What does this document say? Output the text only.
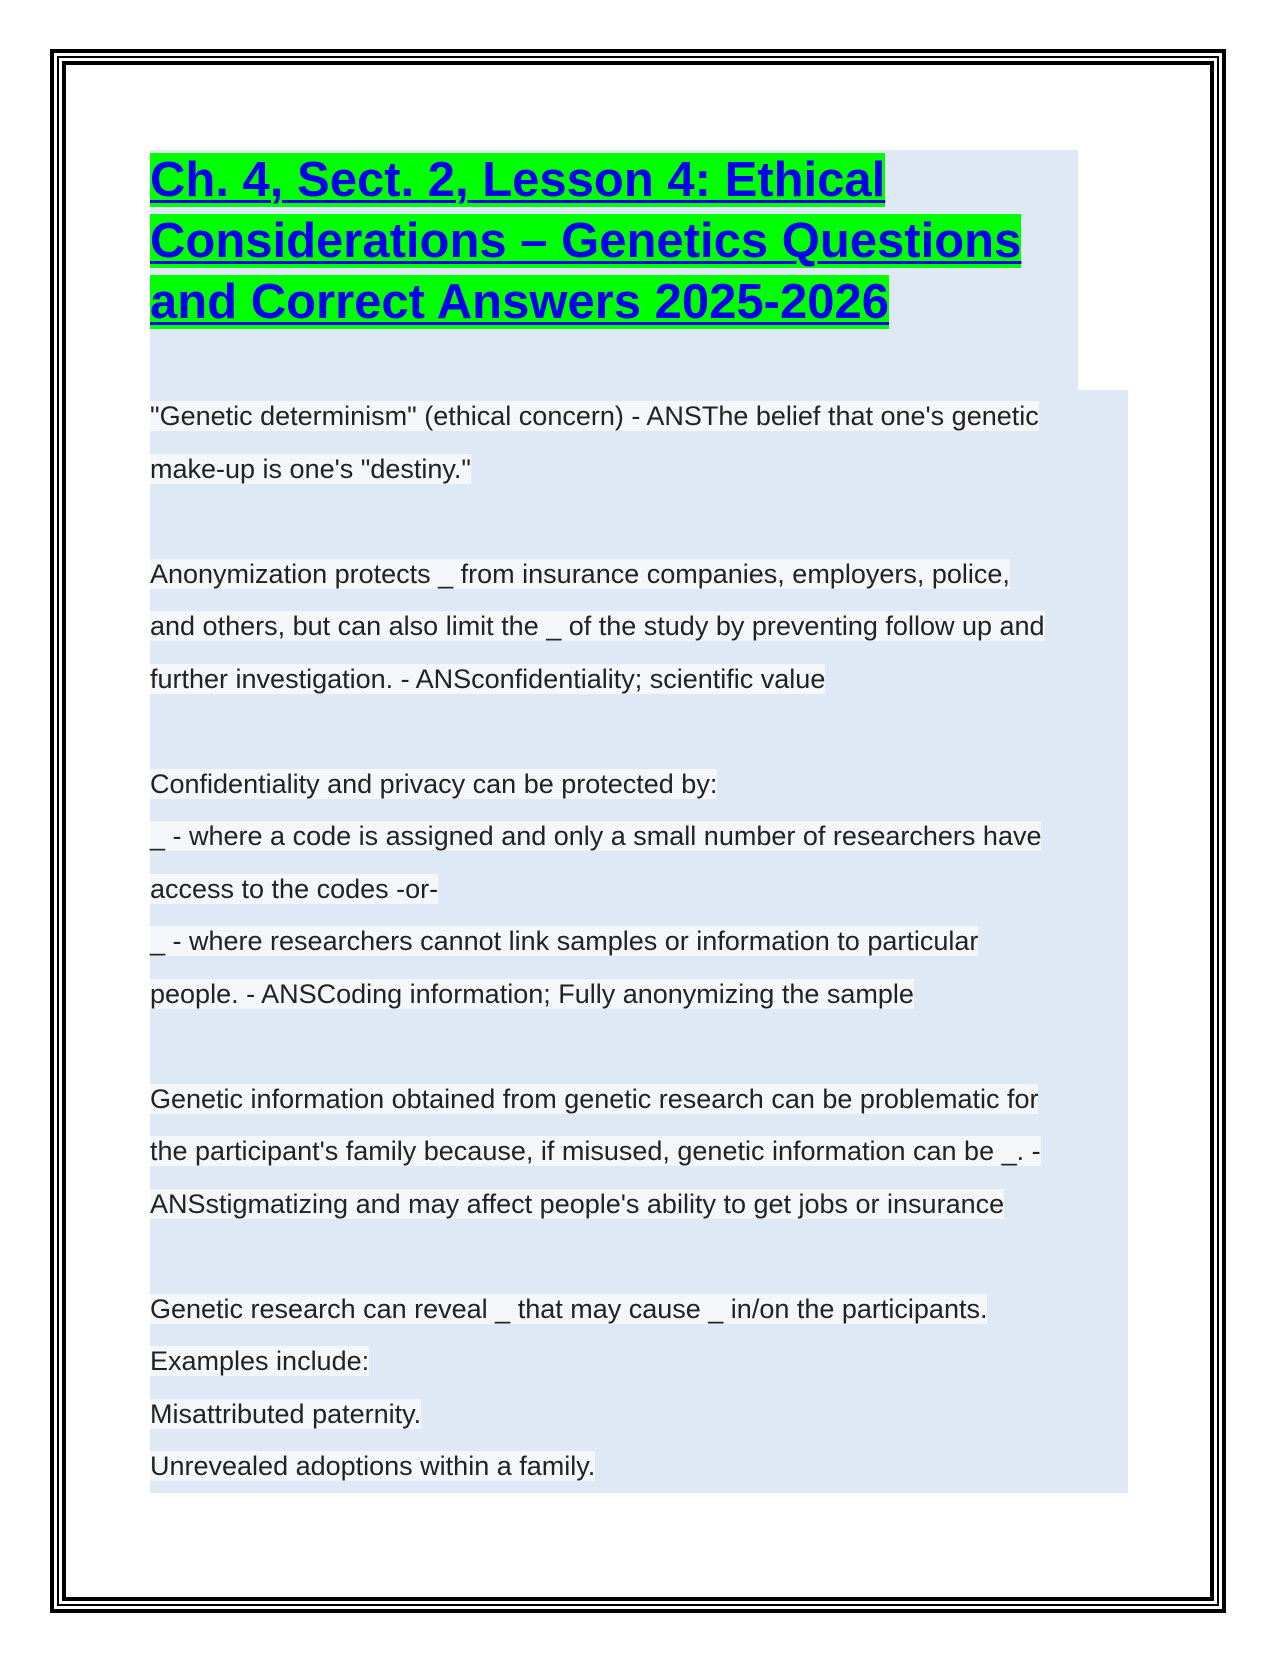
Ch. 4, Sect. 2, Lesson 4: Ethical
Considerations – Genetics Questions
and Correct Answers 2025-2026

"Genetic determinism" (ethical concern) - ANSThe belief that one's genetic

make-up is one's "destiny."

Anonymization protects _ from insurance companies, employers, police,

and others, but can also limit the _ of the study by preventing follow up and

further investigation. - ANSconfidentiality; scientific value

Confidentiality and privacy can be protected by:

_ - where a code is assigned and only a small number of researchers have

access to the codes -or-

_ - where researchers cannot link samples or information to particular

people. - ANSCoding information; Fully anonymizing the sample

Genetic information obtained from genetic research can be problematic for

the participant's family because, if misused, genetic information can be _. -

ANSstigmatizing and may affect people's ability to get jobs or insurance

Genetic research can reveal _ that may cause _ in/on the participants.

Examples include:

Misattributed paternity.

Unrevealed adoptions within a family.
